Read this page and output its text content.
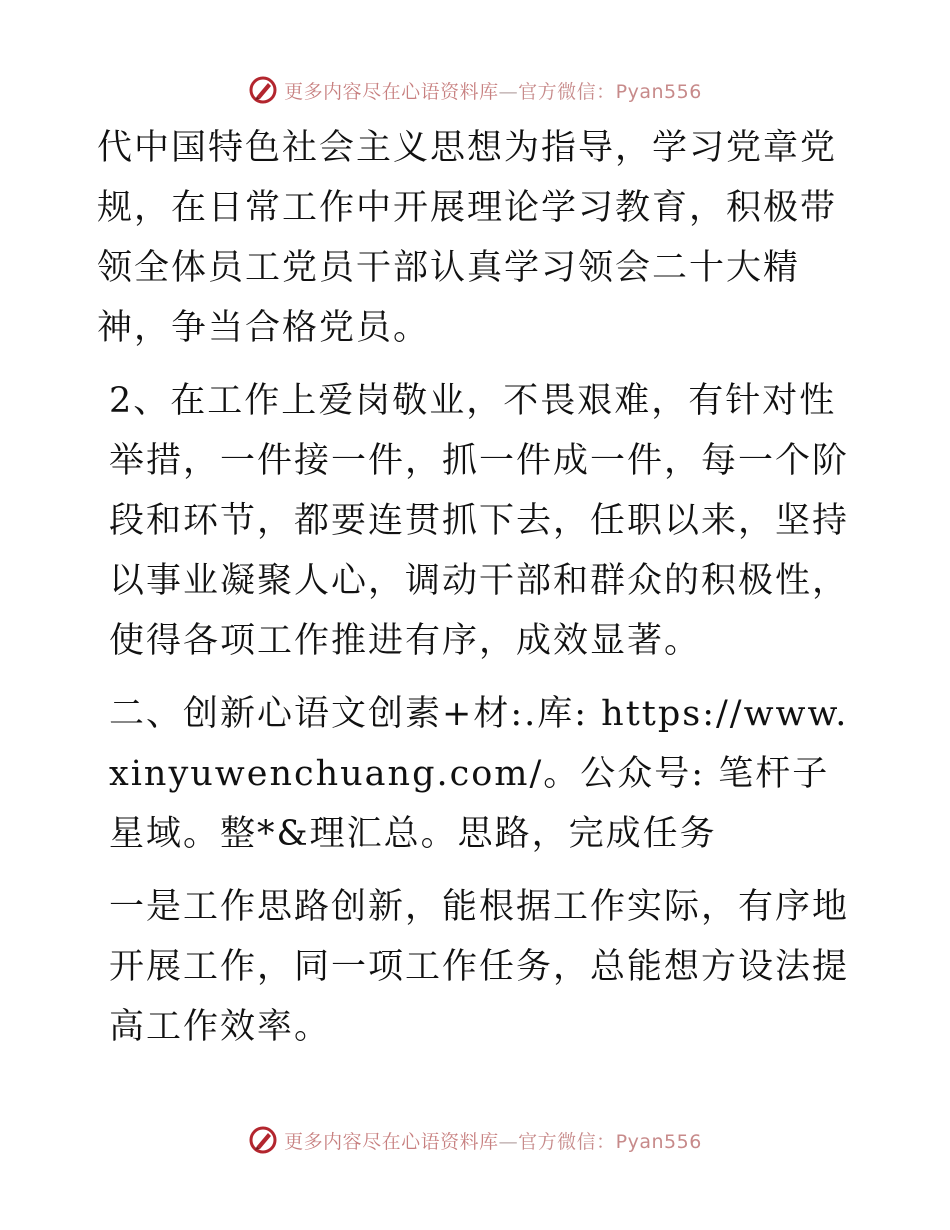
更多内容尽在心语资料库—官方微信：Pyan556

代中国特色社会主义思想为指导，学习党章党规，在日常工作中开展理论学习教育，积极带领全体员工党员干部认真学习领会二十大精神，争当合格党员。

2、在工作上爱岗敬业，不畏艰难，有针对性举措，一件接一件，抓一件成一件，每一个阶段和环节，都要连贯抓下去，任职以来，坚持以事业凝聚人心，调动干部和群众的积极性，使得各项工作推进有序，成效显著。

二、创新心语文创素+材:.库: https://www.xinyuwenchuang.com/。公众号: 笔杆子星域。整*&理汇总。思路，完成任务

一是工作思路创新，能根据工作实际，有序地开展工作，同一项工作任务，总能想方设法提高工作效率。

更多内容尽在心语资料库—官方微信：Pyan556
